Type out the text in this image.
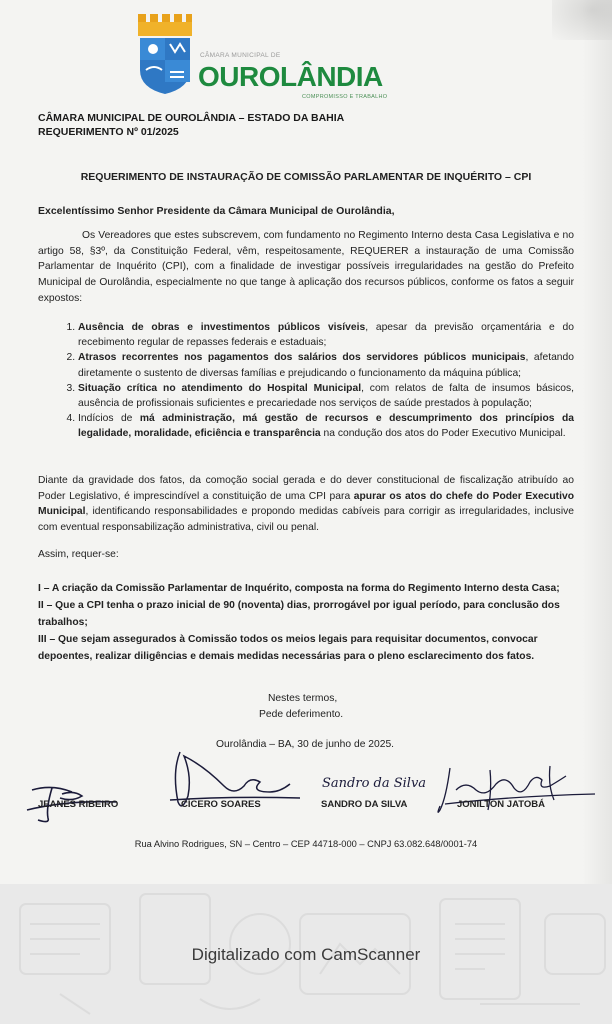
CÂMARA MUNICIPAL DE
OUROLÂNDIA
COMPROMISSO E TRABALHO
CÂMARA MUNICIPAL DE OUROLÂNDIA – ESTADO DA BAHIA
REQUERIMENTO Nº 01/2025
REQUERIMENTO DE INSTAURAÇÃO DE COMISSÃO PARLAMENTAR DE INQUÉRITO – CPI
Excelentíssimo Senhor Presidente da Câmara Municipal de Ourolândia,
Os Vereadores que estes subscrevem, com fundamento no Regimento Interno desta Casa Legislativa e no artigo 58, §3º, da Constituição Federal, vêm, respeitosamente, REQUERER a instauração de uma Comissão Parlamentar de Inquérito (CPI), com a finalidade de investigar possíveis irregularidades na gestão do Prefeito Municipal de Ourolândia, especialmente no que tange à aplicação dos recursos públicos, conforme os fatos a seguir expostos:
1. Ausência de obras e investimentos públicos visíveis, apesar da previsão orçamentária e do recebimento regular de repasses federais e estaduais;
2. Atrasos recorrentes nos pagamentos dos salários dos servidores públicos municipais, afetando diretamente o sustento de diversas famílias e prejudicando o funcionamento da máquina pública;
3. Situação crítica no atendimento do Hospital Municipal, com relatos de falta de insumos básicos, ausência de profissionais suficientes e precariedade nos serviços de saúde prestados à população;
4. Indícios de má administração, má gestão de recursos e descumprimento dos princípios da legalidade, moralidade, eficiência e transparência na condução dos atos do Poder Executivo Municipal.
Diante da gravidade dos fatos, da comoção social gerada e do dever constitucional de fiscalização atribuído ao Poder Legislativo, é imprescindível a constituição de uma CPI para apurar os atos do chefe do Poder Executivo Municipal, identificando responsabilidades e propondo medidas cabíveis para corrigir as irregularidades, inclusive com eventual responsabilização administrativa, civil ou penal.
Assim, requer-se:
I – A criação da Comissão Parlamentar de Inquérito, composta na forma do Regimento Interno desta Casa;
II – Que a CPI tenha o prazo inicial de 90 (noventa) dias, prorrogável por igual período, para conclusão dos trabalhos;
III – Que sejam assegurados à Comissão todos os meios legais para requisitar documentos, convocar depoentes, realizar diligências e demais medidas necessárias para o pleno esclarecimento dos fatos.
Nestes termos,
Pede deferimento.
Ourolândia – BA, 30 de junho de 2025.
Sandro da Silva
JEANES RIBEIRO	CÍCERO SOARES	SANDRO DA SILVA	JONILTON JATOBÁ
Rua Alvino Rodrigues, SN – Centro – CEP 44718-000 – CNPJ 63.082.648/0001-74
Digitalizado com CamScanner
